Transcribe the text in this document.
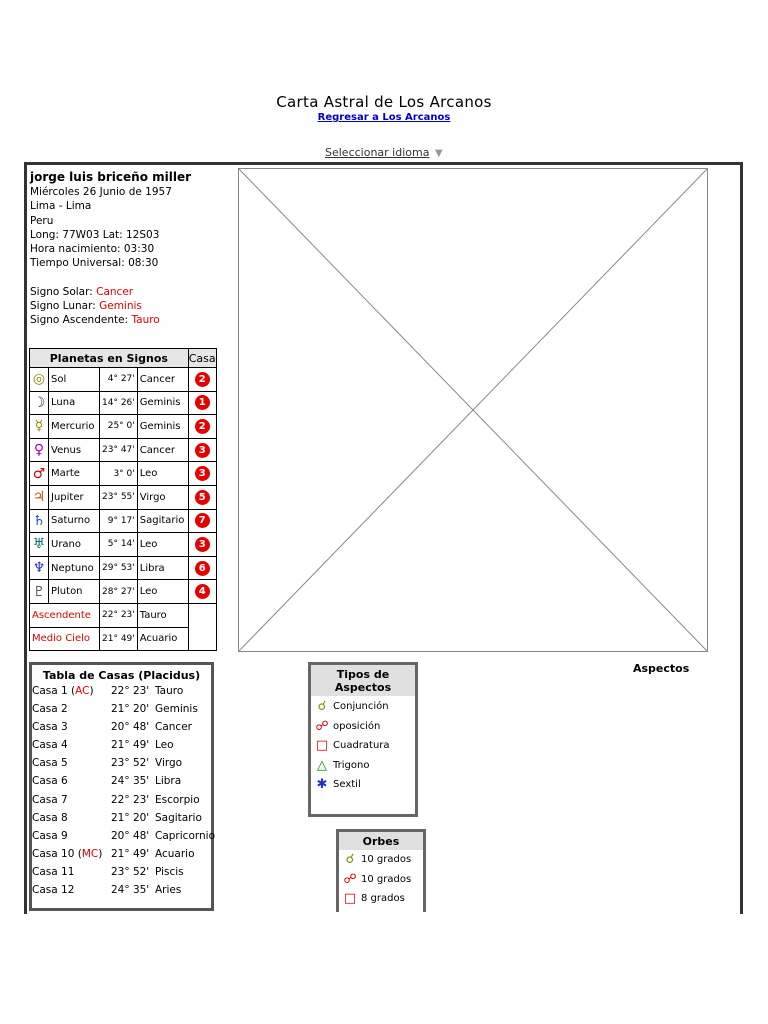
Carta Astral de Los Arcanos
Regresar a Los Arcanos
Seleccionar idioma ▼
jorge luis briceño miller
Miércoles 26 Junio de 1957
Lima - Lima
Peru
Long: 77W03 Lat: 12S03
Hora nacimiento: 03:30
Tiempo Universal: 08:30
Signo Solar: Cancer
Signo Lunar: Geminis
Signo Ascendente: Tauro
Planetas en Signos				Casa
◎	Sol	4° 27'	Cancer	2
☽	Luna	14° 26'	Geminis	1
☿	Mercurio	25° 0'	Geminis	2
♀	Venus	23° 47'	Cancer	3
♂	Marte	3° 0'	Leo	3
♃	Jupiter	23° 55'	Virgo	5
♄	Saturno	9° 17'	Sagitario	7
♅	Urano	5° 14'	Leo	3
♆	Neptuno	29° 53'	Libra	6
♇	Pluton	28° 27'	Leo	4
Ascendente		22° 23'	Tauro	
Medio Cielo		21° 49'	Acuario	
Tabla de Casas (Placidus)
Casa 1 (AC) 22° 23' Tauro
Casa 2	21° 20' Geminis
Casa 3	20° 48' Cancer
Casa 4	21° 49' Leo
Casa 5	23° 52' Virgo
Casa 6	24° 35' Libra
Casa 7	22° 23' Escorpio
Casa 8	21° 20' Sagitario
Casa 9	20° 48' Capricornio
Casa 10 (MC) 21° 49' Acuario
Casa 11	23° 52' Piscis
Casa 12	24° 35' Aries
Tipos de
Aspectos
☌ Conjunción
☍ oposición
□ Cuadratura
△ Trigono
✱ Sextil
Aspectos
Orbes
☌ 10 grados
☍ 10 grados
□ 8 grados
